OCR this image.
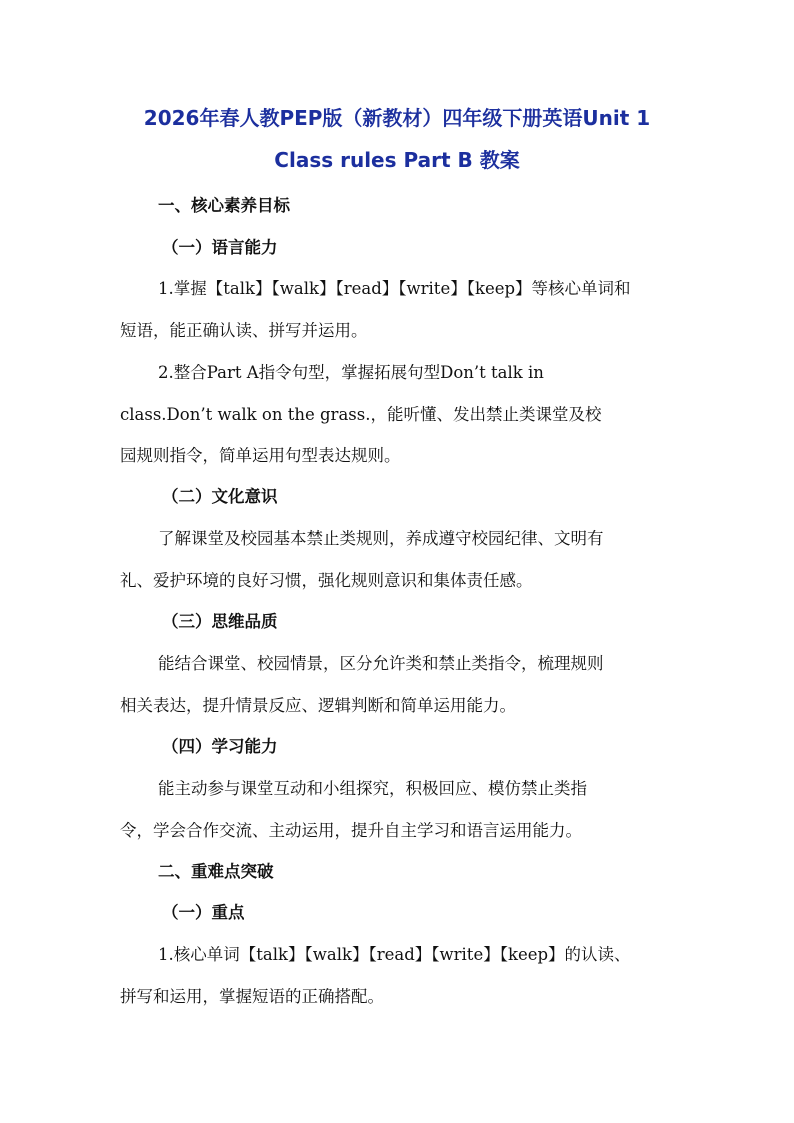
2026年春人教PEP版（新教材）四年级下册英语Unit 1
Class rules Part B 教案
一、核心素养目标
（一）语言能力
1.掌握【talk】【walk】【read】【write】【keep】等核心单词和
短语，能正确认读、拼写并运用。
2.整合Part A指令句型，掌握拓展句型Don’t talk in
class.Don’t walk on the grass.，能听懂、发出禁止类课堂及校
园规则指令，简单运用句型表达规则。
（二）文化意识
了解课堂及校园基本禁止类规则，养成遵守校园纪律、文明有
礼、爱护环境的良好习惯，强化规则意识和集体责任感。
（三）思维品质
能结合课堂、校园情景，区分允许类和禁止类指令，梳理规则
相关表达，提升情景反应、逻辑判断和简单运用能力。
（四）学习能力
能主动参与课堂互动和小组探究，积极回应、模仿禁止类指
令，学会合作交流、主动运用，提升自主学习和语言运用能力。
二、重难点突破
（一）重点
1.核心单词【talk】【walk】【read】【write】【keep】的认读、
拼写和运用，掌握短语的正确搭配。
